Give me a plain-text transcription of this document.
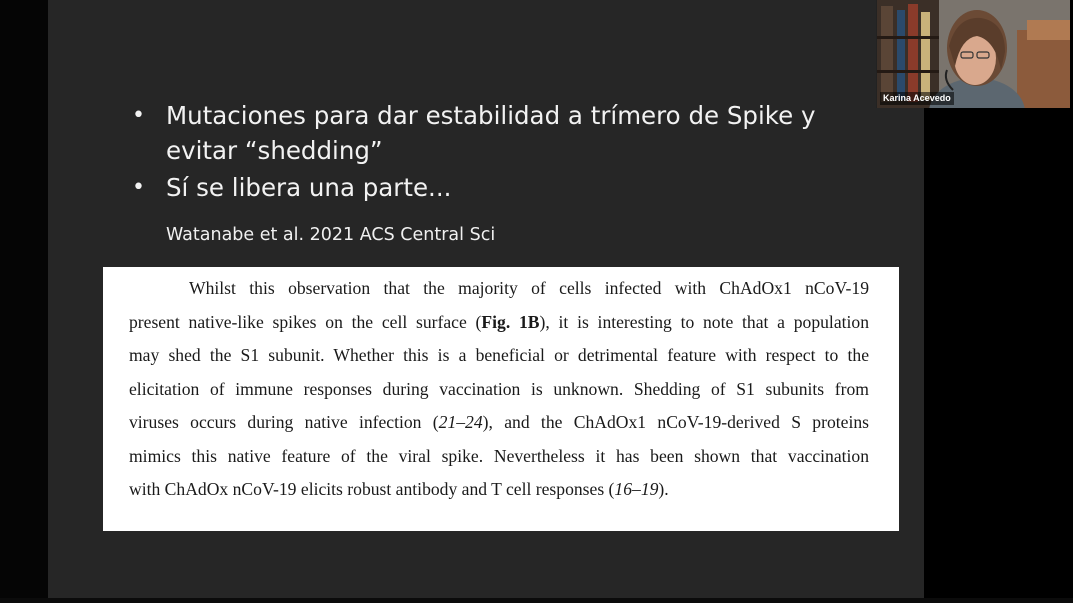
• Mutaciones para dar estabilidad a trímero de Spike y
evitar “shedding”
• Sí se libera una parte...
Watanabe et al. 2021 ACS Central Sci

Whilst this observation that the majority of cells infected with ChAdOx1 nCoV-19
present native-like spikes on the cell surface (Fig. 1B), it is interesting to note that a population
may shed the S1 subunit. Whether this is a beneficial or detrimental feature with respect to the
elicitation of immune responses during vaccination is unknown. Shedding of S1 subunits from
viruses occurs during native infection (21–24), and the ChAdOx1 nCoV-19-derived S proteins
mimics this native feature of the viral spike. Nevertheless it has been shown that vaccination
with ChAdOx nCoV-19 elicits robust antibody and T cell responses (16–19).

Karina Acevedo
